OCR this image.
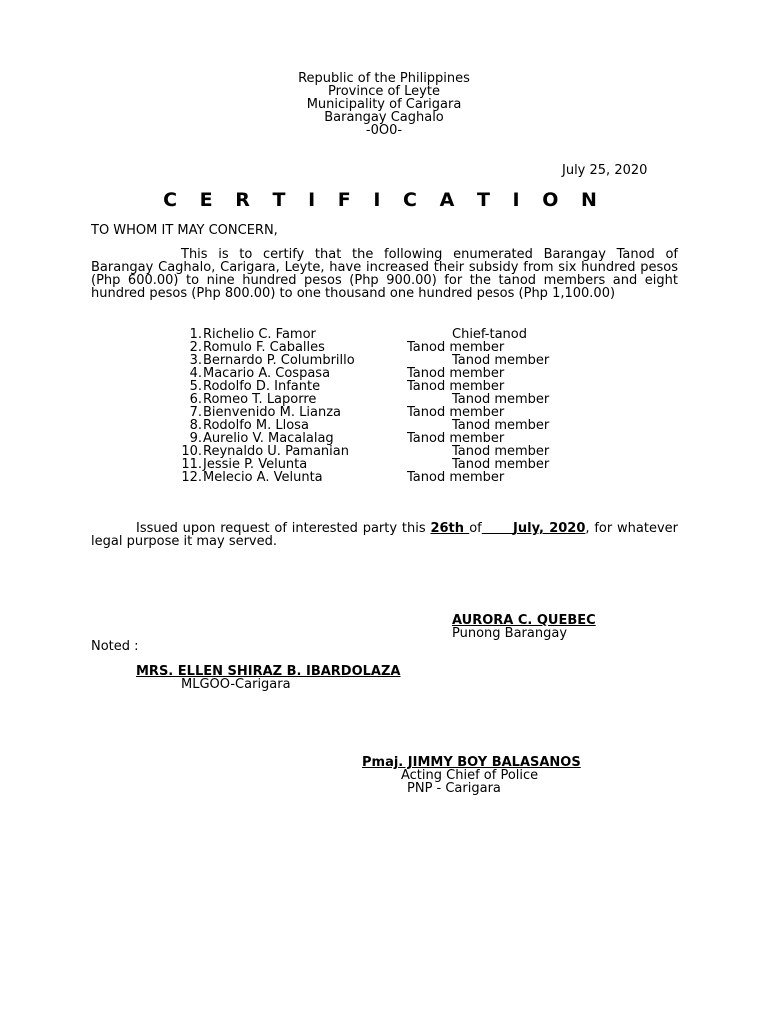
Republic of the Philippines
Province of Leyte
Municipality of Carigara
Barangay Caghalo
-0O0-
July 25, 2020
C E R T I F I C A T I O N
TO WHOM IT MAY CONCERN,
This is to certify that the following enumerated Barangay Tanod of Barangay Caghalo, Carigara, Leyte, have increased their subsidy from six hundred pesos (Php 600.00) to nine hundred pesos (Php 900.00) for the tanod members and eight hundred pesos (Php 800.00) to one thousand one hundred pesos (Php 1,100.00)
1. Richelio C. Famor	Chief-tanod
2. Romulo F. Caballes	Tanod member
3. Bernardo P. Columbrillo	Tanod member
4. Macario A. Cospasa	Tanod member
5. Rodolfo D. Infante	Tanod member
6. Romeo T. Laporre	Tanod member
7. Bienvenido M. Lianza	Tanod member
8. Rodolfo M. Llosa	Tanod member
9. Aurelio V. Macalalag	Tanod member
10. Reynaldo U. Pamanian	Tanod member
11. Jessie P. Velunta	Tanod member
12. Melecio A. Velunta	Tanod member
Issued upon request of interested party this 26th of July, 2020, for whatever legal purpose it may served.
AURORA C. QUEBEC
Punong Barangay
Noted :
MRS. ELLEN SHIRAZ B. IBARDOLAZA
MLGOO-Carigara
Pmaj. JIMMY BOY BALASANOS
Acting Chief of Police
PNP - Carigara
